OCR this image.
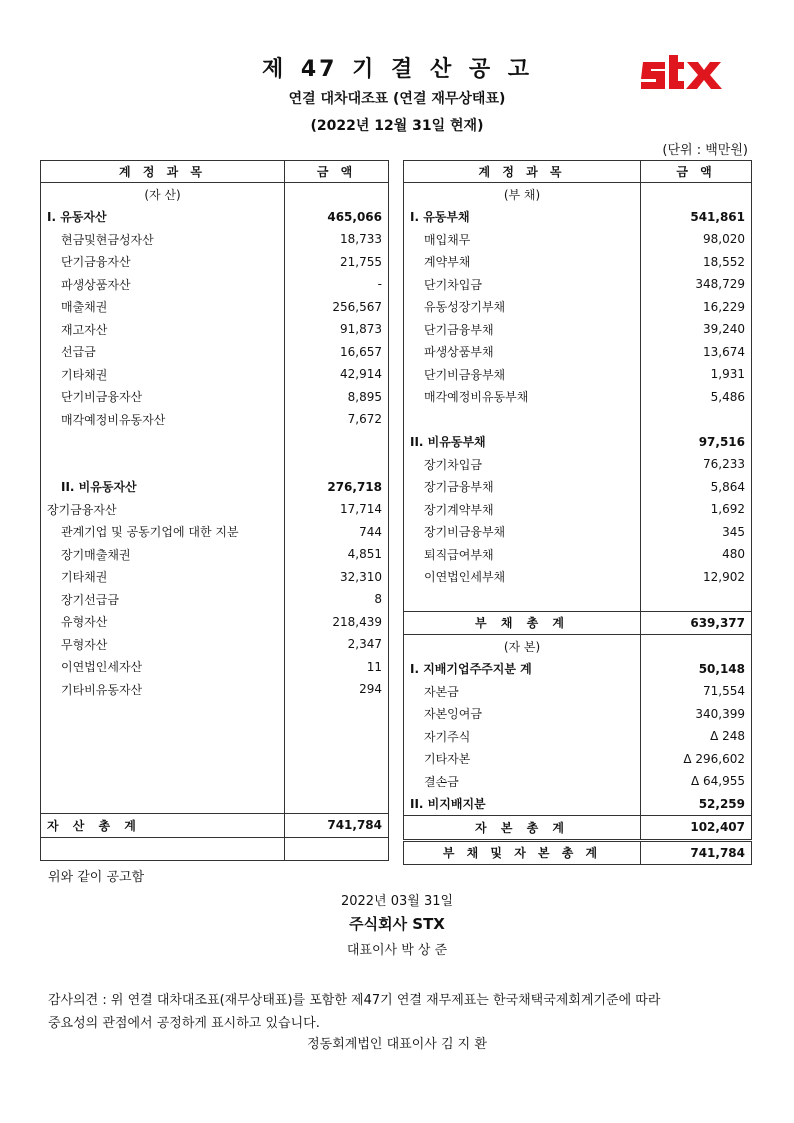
제 47 기 결 산 공 고
연결 대차대조표 (연결 재무상태표)
(2022년 12월 31일 현재)
(단위 : 백만원)
계 정 과 목	금 액
(자 산)	
I. 유동자산	465,066
현금및현금성자산	18,733
단기금융자산	21,755
파생상품자산	-
매출채권	256,567
재고자산	91,873
선급금	16,657
기타채권	42,914
단기비금융자산	8,895
매각예정비유동자산	7,672

II. 비유동자산	276,718
장기금융자산	17,714
관계기업 및 공동기업에 대한 지분	744
장기매출채권	4,851
기타채권	32,310
장기선급금	8
유형자산	218,439
무형자산	2,347
이연법인세자산	11
기타비유동자산	294

자 산 총 계	741,784

계 정 과 목	금 액
(부 채)	
I. 유동부채	541,861
매입채무	98,020
계약부채	18,552
단기차입금	348,729
유동성장기부채	16,229
단기금융부채	39,240
파생상품부채	13,674
단기비금융부채	1,931
매각예정비유동부채	5,486

II. 비유동부채	97,516
장기차입금	76,233
장기금융부채	5,864
장기계약부채	1,692
장기비금융부채	345
퇴직급여부채	480
이연법인세부채	12,902

부 채 총 계	639,377
(자 본)	
I. 지배기업주주지분 계	50,148
자본금	71,554
자본잉여금	340,399
자기주식	Δ 248
기타자본	Δ 296,602
결손금	Δ 64,955
II. 비지배지분	52,259
자 본 총 계	102,407
부 채 및 자 본 총 계	741,784
위와 같이 공고함
2022년 03월 31일
주식회사 STX
대표이사 박 상 준
감사의견 : 위 연결 대차대조표(재무상태표)를 포함한 제47기 연결 재무제표는 한국채택국제회계기준에 따라
중요성의 관점에서 공정하게 표시하고 있습니다.
정동회계법인 대표이사 김 지 환
